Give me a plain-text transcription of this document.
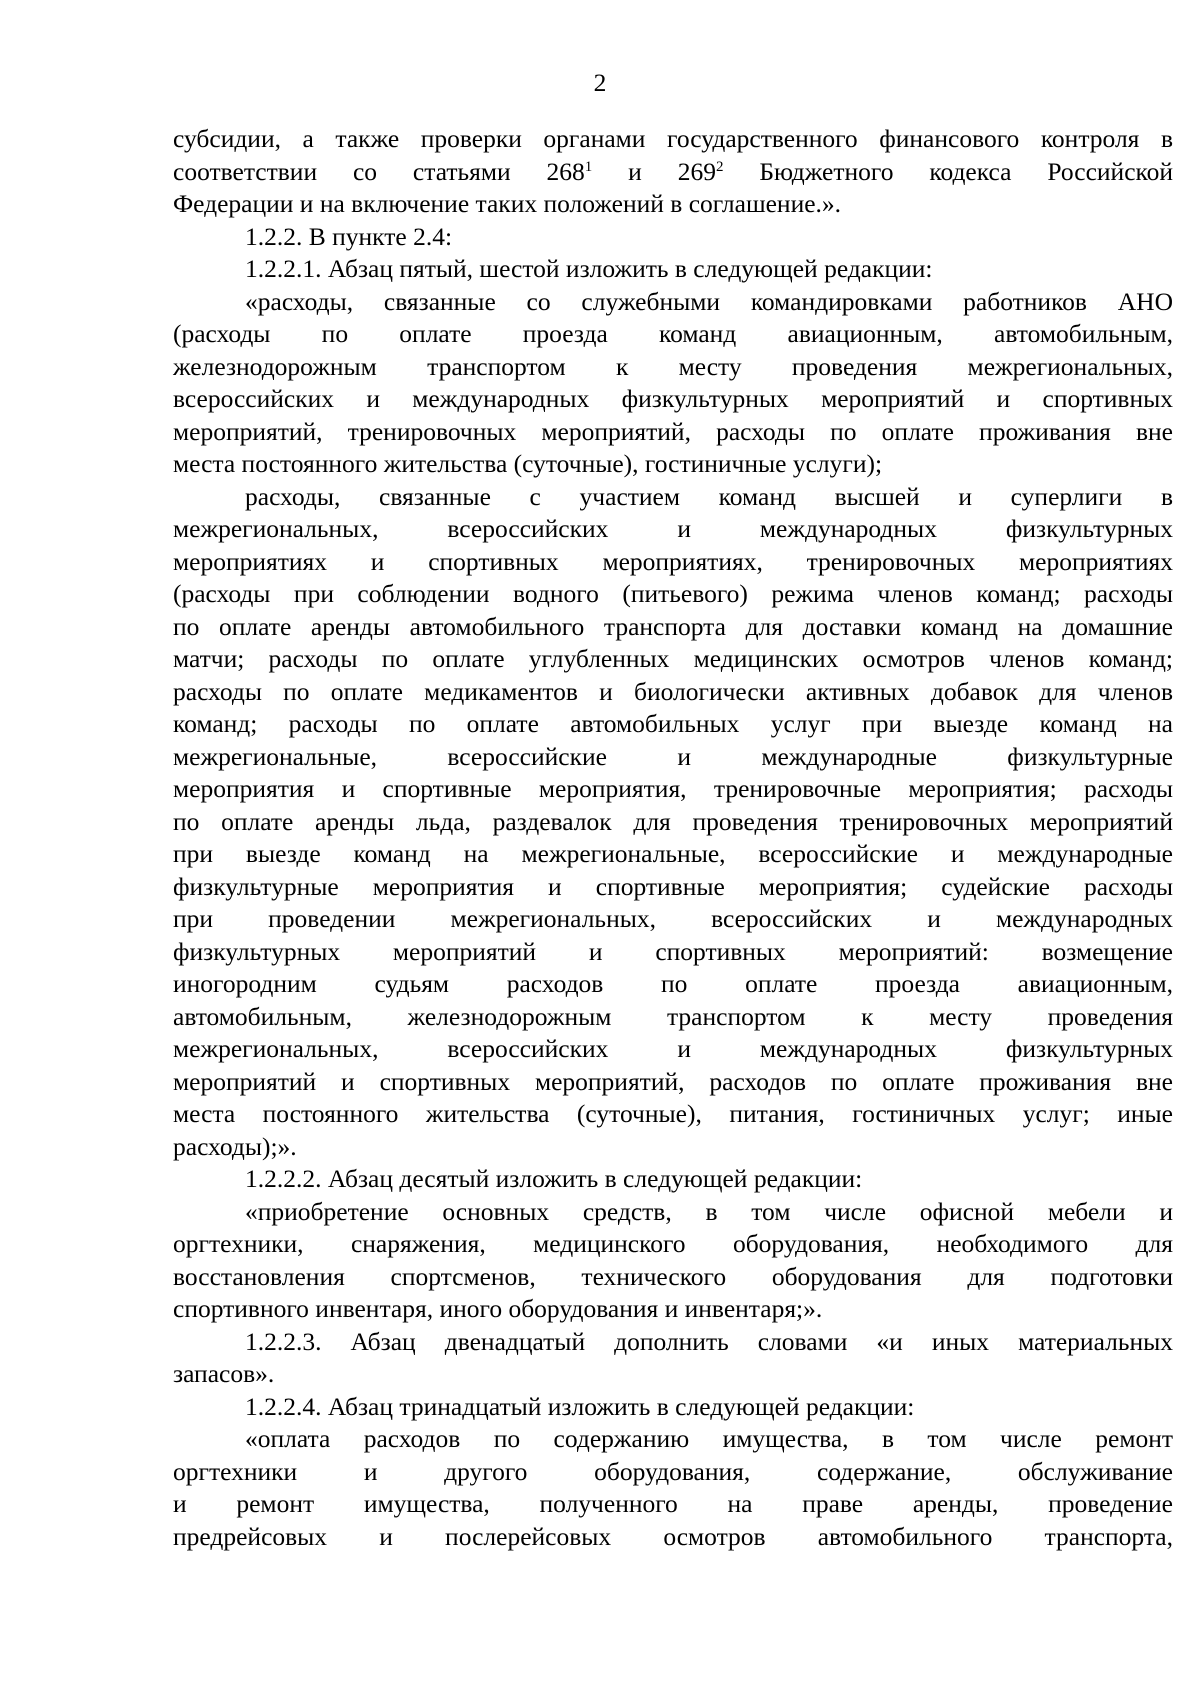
2
субсидии, а также проверки органами государственного финансового контроля в
соответствии со статьями $268^1$ и $269^2$ Бюджетного кодекса Российской
Федерации и на включение таких положений в соглашение.».
1.2.2. В пункте 2.4:
1.2.2.1. Абзац пятый, шестой изложить в следующей редакции:
«расходы, связанные со служебными командировками работников АНО
(расходы по оплате проезда команд авиационным, автомобильным,
железнодорожным транспортом к месту проведения межрегиональных,
всероссийских и международных физкультурных мероприятий и спортивных
мероприятий, тренировочных мероприятий, расходы по оплате проживания вне
места постоянного жительства (суточные), гостиничные услуги);
расходы, связанные с участием команд высшей и суперлиги в
межрегиональных, всероссийских и международных физкультурных
мероприятиях и спортивных мероприятиях, тренировочных мероприятиях
(расходы при соблюдении водного (питьевого) режима членов команд; расходы
по оплате аренды автомобильного транспорта для доставки команд на домашние
матчи; расходы по оплате углубленных медицинских осмотров членов команд;
расходы по оплате медикаментов и биологически активных добавок для членов
команд; расходы по оплате автомобильных услуг при выезде команд на
межрегиональные, всероссийские и международные физкультурные
мероприятия и спортивные мероприятия, тренировочные мероприятия; расходы
по оплате аренды льда, раздевалок для проведения тренировочных мероприятий
при выезде команд на межрегиональные, всероссийские и международные
физкультурные мероприятия и спортивные мероприятия; судейские расходы
при проведении межрегиональных, всероссийских и международных
физкультурных мероприятий и спортивных мероприятий: возмещение
иногородним судьям расходов по оплате проезда авиационным,
автомобильным, железнодорожным транспортом к месту проведения
межрегиональных, всероссийских и международных физкультурных
мероприятий и спортивных мероприятий, расходов по оплате проживания вне
места постоянного жительства (суточные), питания, гостиничных услуг; иные
расходы);».
1.2.2.2. Абзац десятый изложить в следующей редакции:
«приобретение основных средств, в том числе офисной мебели и
оргтехники, снаряжения, медицинского оборудования, необходимого для
восстановления спортсменов, технического оборудования для подготовки
спортивного инвентаря, иного оборудования и инвентаря;».
1.2.2.3. Абзац двенадцатый дополнить словами «и иных материальных
запасов».
1.2.2.4. Абзац тринадцатый изложить в следующей редакции:
«оплата расходов по содержанию имущества, в том числе ремонт
оргтехники и другого оборудования, содержание, обслуживание
и ремонт имущества, полученного на праве аренды, проведение
предрейсовых и послерейсовых осмотров автомобильного транспорта,
